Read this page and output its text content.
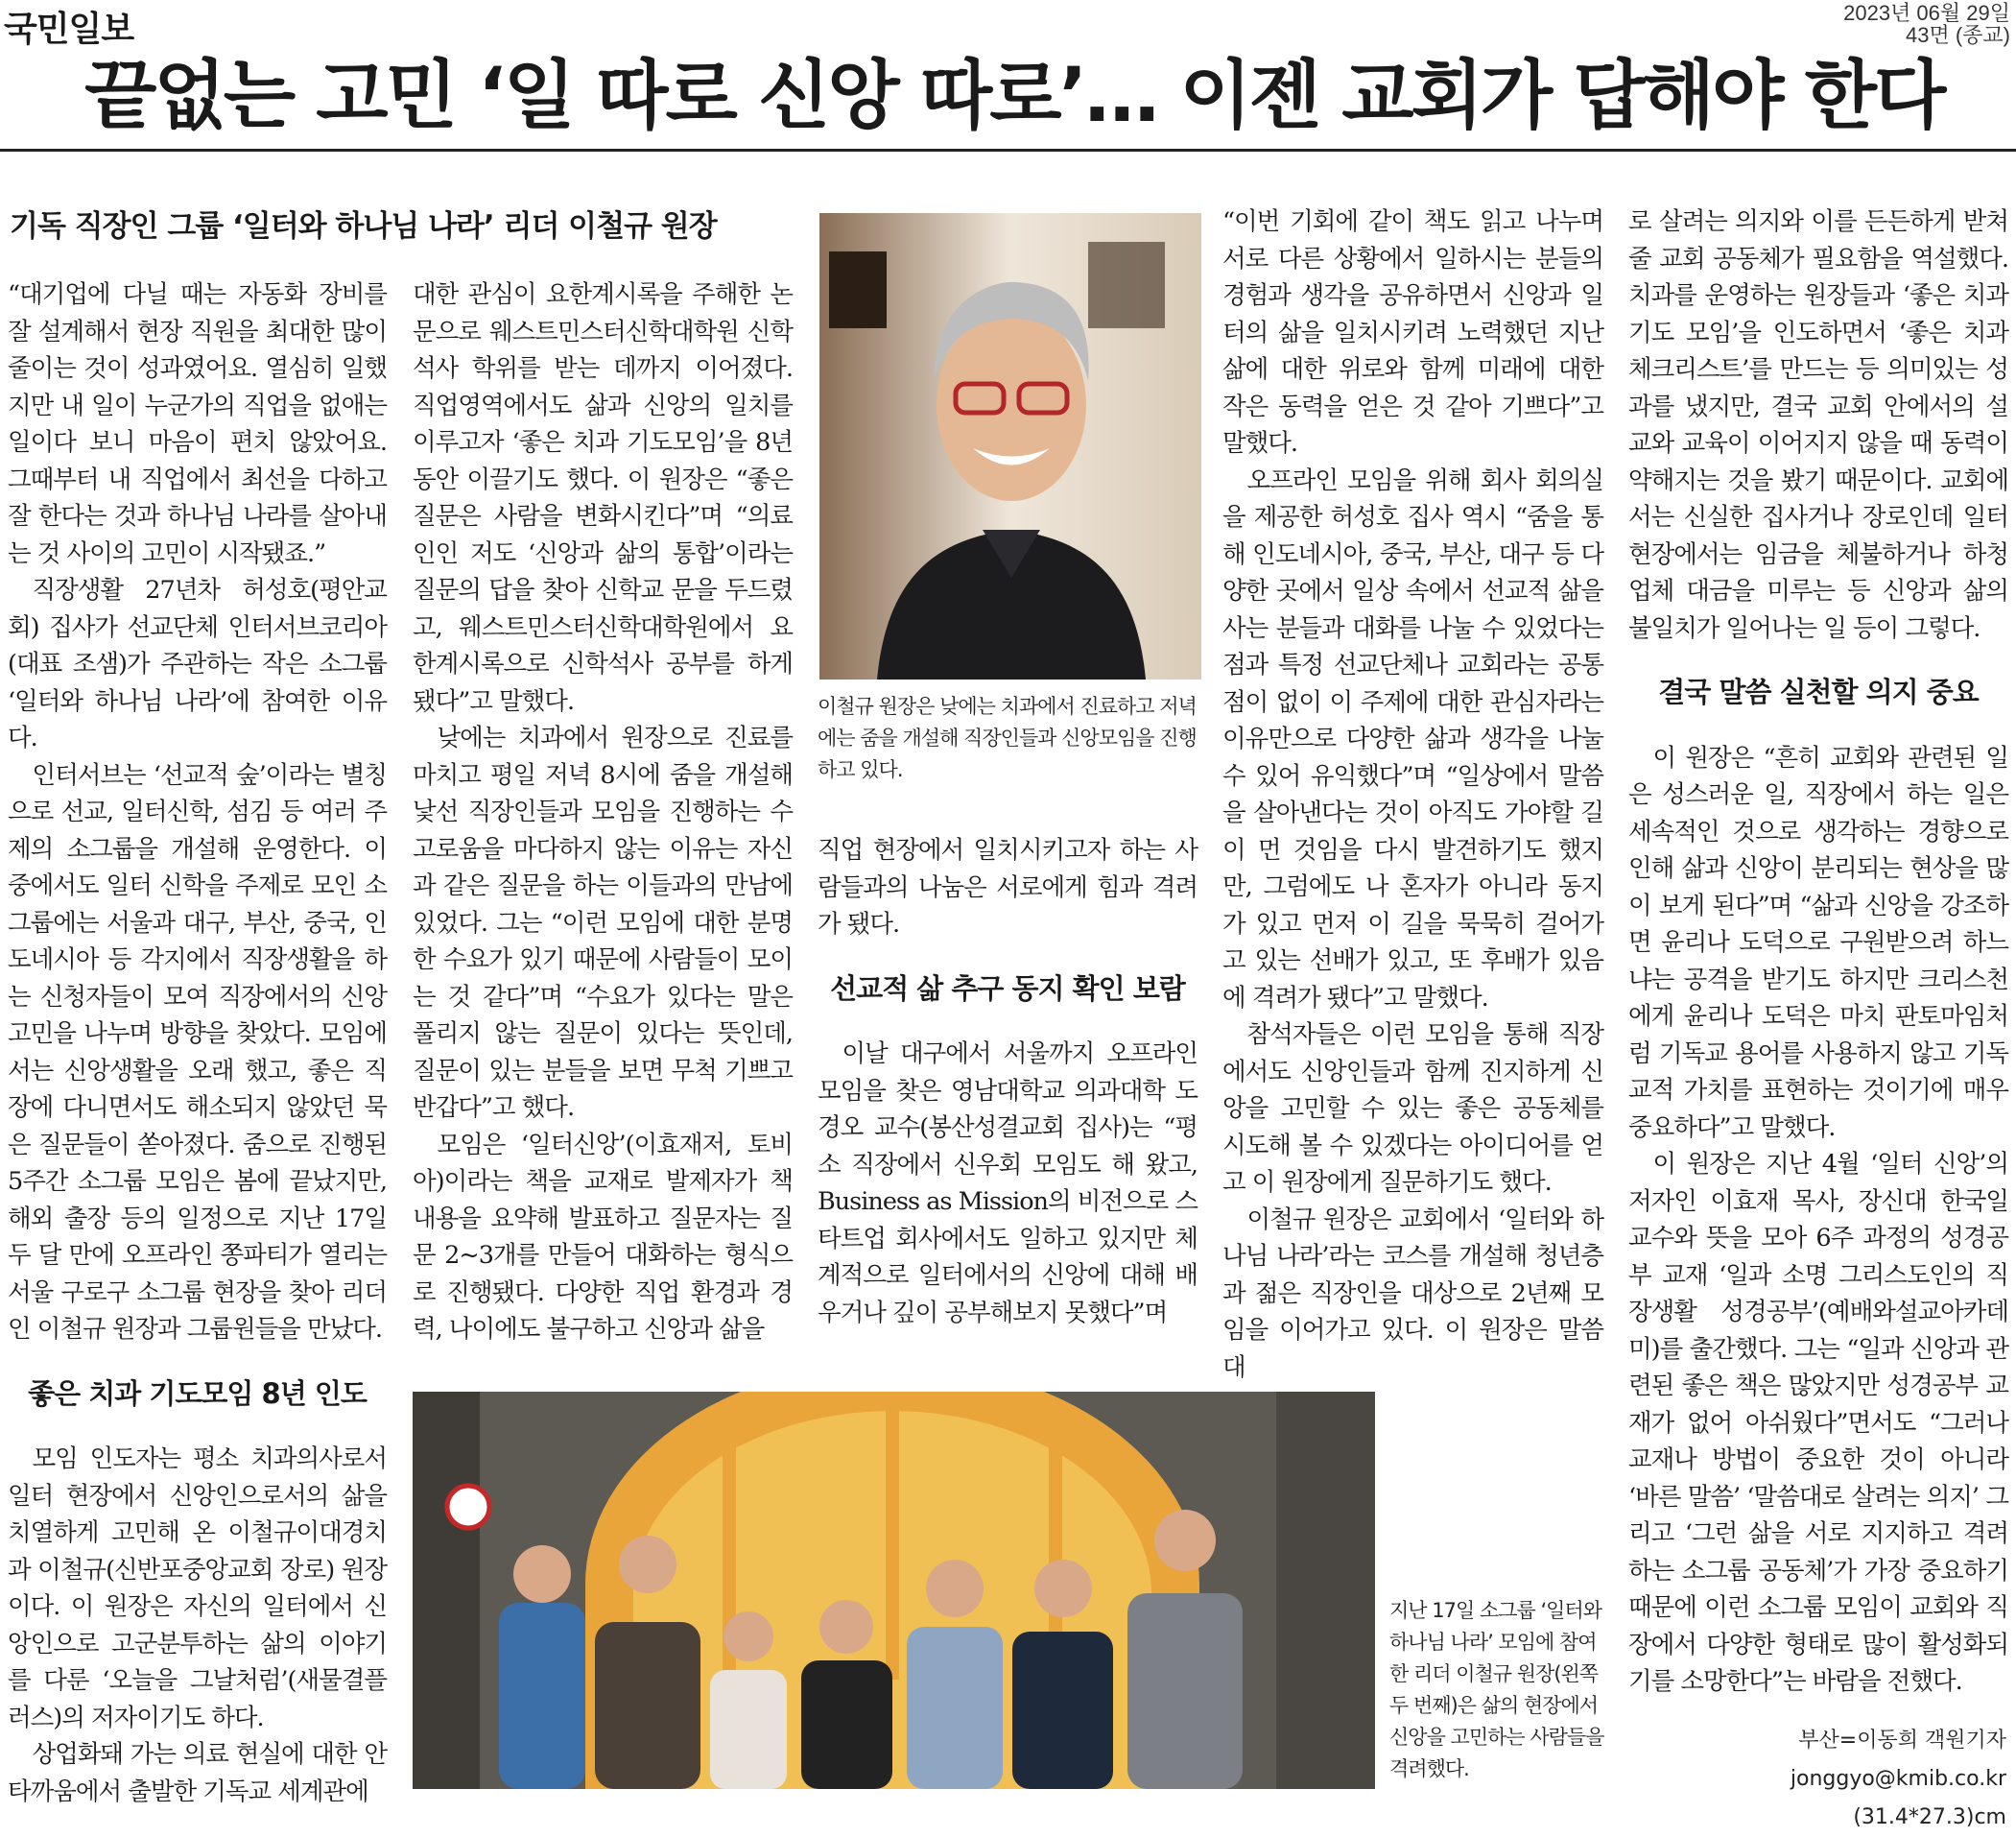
국민일보	2023년 06월 29일
43면 (종교)
끝없는 고민 ‘일 따로 신앙 따로’… 이젠 교회가 답해야 한다
기독 직장인 그룹 ‘일터와 하나님 나라’ 리더 이철규 원장

“대기업에 다닐 때는 자동화 장비를 잘 설계해서 현장 직원을 최대한 많이 줄이는 것이 성과였어요. 열심히 일했지만 내 일이 누군가의 직업을 없애는 일이다 보니 마음이 편치 않았어요. 그때부터 내 직업에서 최선을 다하고 잘 한다는 것과 하나님 나라를 살아내는 것 사이의 고민이 시작됐죠.”

직장생활 27년차 허성호(평안교회) 집사가 선교단체 인터서브코리아(대표 조샘)가 주관하는 작은 소그룹 ‘일터와 하나님 나라’에 참여한 이유다.

인터서브는 ‘선교적 숲’이라는 별칭으로 선교, 일터신학, 섬김 등 여러 주제의 소그룹을 개설해 운영한다. 이 중에서도 일터 신학을 주제로 모인 소그룹에는 서울과 대구, 부산, 중국, 인도네시아 등 각지에서 직장생활을 하는 신청자들이 모여 직장에서의 신앙 고민을 나누며 방향을 찾았다. 모임에서는 신앙생활을 오래 했고, 좋은 직장에 다니면서도 해소되지 않았던 묵은 질문들이 쏟아졌다. 줌으로 진행된 5주간 소그룹 모임은 봄에 끝났지만, 해외 출장 등의 일정으로 지난 17일 두 달 만에 오프라인 쫑파티가 열리는 서울 구로구 소그룹 현장을 찾아 리더인 이철규 원장과 그룹원들을 만났다.

좋은 치과 기도모임 8년 인도

모임 인도자는 평소 치과의사로서 일터 현장에서 신앙인으로서의 삶을 치열하게 고민해 온 이철규이대경치과 이철규(신반포중앙교회 장로) 원장이다. 이 원장은 자신의 일터에서 신앙인으로 고군분투하는 삶의 이야기를 다룬 ‘오늘을 그날처럼’(새물결플러스)의 저자이기도 하다.

상업화돼 가는 의료 현실에 대한 안타까움에서 출발한 기독교 세계관에

대한 관심이 요한계시록을 주해한 논문으로 웨스트민스터신학대학원 신학석사 학위를 받는 데까지 이어졌다. 직업영역에서도 삶과 신앙의 일치를 이루고자 ‘좋은 치과 기도모임’을 8년 동안 이끌기도 했다. 이 원장은 “좋은 질문은 사람을 변화시킨다”며 “의료인인 저도 ‘신앙과 삶의 통합’이라는 질문의 답을 찾아 신학교 문을 두드렸고, 웨스트민스터신학대학원에서 요한계시록으로 신학석사 공부를 하게 됐다”고 말했다.

낮에는 치과에서 원장으로 진료를 마치고 평일 저녁 8시에 줌을 개설해 낯선 직장인들과 모임을 진행하는 수고로움을 마다하지 않는 이유는 자신과 같은 질문을 하는 이들과의 만남에 있었다. 그는 “이런 모임에 대한 분명한 수요가 있기 때문에 사람들이 모이는 것 같다”며 “수요가 있다는 말은 풀리지 않는 질문이 있다는 뜻인데, 질문이 있는 분들을 보면 무척 기쁘고 반갑다”고 했다.

모임은 ‘일터신앙’(이효재저, 토비아)이라는 책을 교재로 발제자가 책 내용을 요약해 발표하고 질문자는 질문 2~3개를 만들어 대화하는 형식으로 진행됐다. 다양한 직업 환경과 경력, 나이에도 불구하고 신앙과 삶을

이철규 원장은 낮에는 치과에서 진료하고 저녁에는 줌을 개설해 직장인들과 신앙모임을 진행하고 있다.

직업 현장에서 일치시키고자 하는 사람들과의 나눔은 서로에게 힘과 격려가 됐다.

선교적 삶 추구 동지 확인 보람

이날 대구에서 서울까지 오프라인 모임을 찾은 영남대학교 의과대학 도경오 교수(봉산성결교회 집사)는 “평소 직장에서 신우회 모임도 해 왔고, Business as Mission의 비전으로 스타트업 회사에서도 일하고 있지만 체계적으로 일터에서의 신앙에 대해 배우거나 깊이 공부해보지 못했다”며

“이번 기회에 같이 책도 읽고 나누며 서로 다른 상황에서 일하시는 분들의 경험과 생각을 공유하면서 신앙과 일터의 삶을 일치시키려 노력했던 지난 삶에 대한 위로와 함께 미래에 대한 작은 동력을 얻은 것 같아 기쁘다”고 말했다.

오프라인 모임을 위해 회사 회의실을 제공한 허성호 집사 역시 “줌을 통해 인도네시아, 중국, 부산, 대구 등 다양한 곳에서 일상 속에서 선교적 삶을 사는 분들과 대화를 나눌 수 있었다는 점과 특정 선교단체나 교회라는 공통점이 없이 이 주제에 대한 관심자라는 이유만으로 다양한 삶과 생각을 나눌 수 있어 유익했다”며 “일상에서 말씀을 살아낸다는 것이 아직도 가야할 길이 먼 것임을 다시 발견하기도 했지만, 그럼에도 나 혼자가 아니라 동지가 있고 먼저 이 길을 묵묵히 걸어가고 있는 선배가 있고, 또 후배가 있음에 격려가 됐다”고 말했다.

참석자들은 이런 모임을 통해 직장에서도 신앙인들과 함께 진지하게 신앙을 고민할 수 있는 좋은 공동체를 시도해 볼 수 있겠다는 아이디어를 얻고 이 원장에게 질문하기도 했다.

이철규 원장은 교회에서 ‘일터와 하나님 나라’라는 코스를 개설해 청년층과 젊은 직장인을 대상으로 2년째 모임을 이어가고 있다. 이 원장은 말씀대

로 살려는 의지와 이를 든든하게 받쳐줄 교회 공동체가 필요함을 역설했다. 치과를 운영하는 원장들과 ‘좋은 치과 기도 모임’을 인도하면서 ‘좋은 치과 체크리스트’를 만드는 등 의미있는 성과를 냈지만, 결국 교회 안에서의 설교와 교육이 이어지지 않을 때 동력이 약해지는 것을 봤기 때문이다. 교회에서는 신실한 집사거나 장로인데 일터현장에서는 임금을 체불하거나 하청 업체 대금을 미루는 등 신앙과 삶의 불일치가 일어나는 일 등이 그렇다.

결국 말씀 실천할 의지 중요

이 원장은 “흔히 교회와 관련된 일은 성스러운 일, 직장에서 하는 일은 세속적인 것으로 생각하는 경향으로 인해 삶과 신앙이 분리되는 현상을 많이 보게 된다”며 “삶과 신앙을 강조하면 윤리나 도덕으로 구원받으려 하느냐는 공격을 받기도 하지만 크리스천에게 윤리나 도덕은 마치 판토마임처럼 기독교 용어를 사용하지 않고 기독교적 가치를 표현하는 것이기에 매우 중요하다”고 말했다.

이 원장은 지난 4월 ‘일터 신앙’의 저자인 이효재 목사, 장신대 한국일 교수와 뜻을 모아 6주 과정의 성경공부 교재 ‘일과 소명 그리스도인의 직장생활 성경공부’(예배와설교아카데미)를 출간했다. 그는 “일과 신앙과 관련된 좋은 책은 많았지만 성경공부 교재가 없어 아쉬웠다”면서도 “그러나 교재나 방법이 중요한 것이 아니라 ‘바른 말씀’ ‘말씀대로 살려는 의지’ 그리고 ‘그런 삶을 서로 지지하고 격려하는 소그룹 공동체’가 가장 중요하기 때문에 이런 소그룹 모임이 교회와 직장에서 다양한 형태로 많이 활성화되기를 소망한다”는 바람을 전했다.

지난 17일 소그룹 ‘일터와 하나님 나라’ 모임에 참여한 리더 이철규 원장(왼쪽 두 번째)은 삶의 현장에서 신앙을 고민하는 사람들을 격려했다.
부산=이동희 객원기자
jonggyo@kmib.co.kr
(31.4*27.3)cm
